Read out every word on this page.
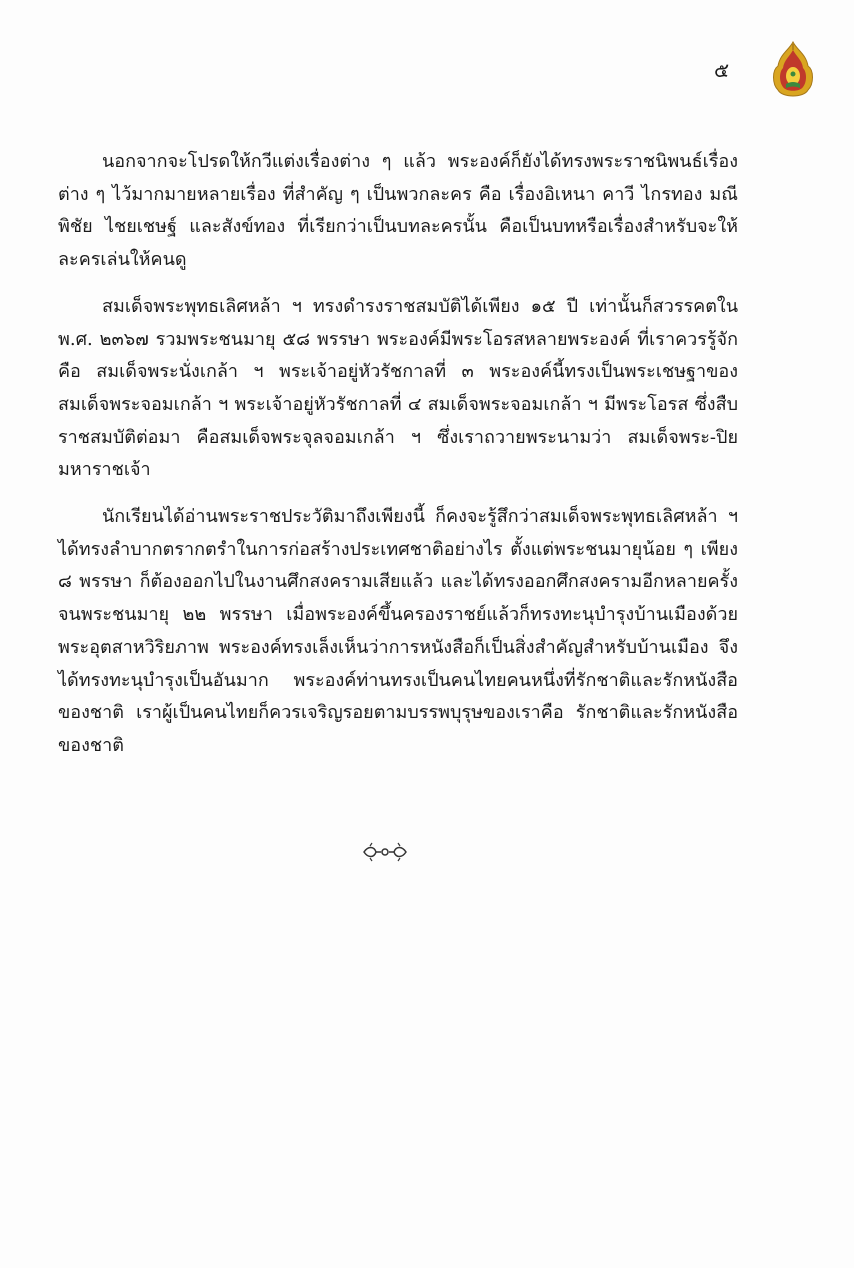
๕

นอกจากจะโปรดให้กวีแต่งเรื่องต่าง ๆ แล้ว พระองค์ก็ยังได้ทรงพระราชนิพนธ์เรื่องต่าง ๆ ไว้มากมายหลายเรื่อง ที่สำคัญ ๆ เป็นพวกละคร คือ เรื่องอิเหนา คาวี ไกรทอง มณีพิชัย ไชยเชษฐ์ และสังข์ทอง ที่เรียกว่าเป็นบทละครนั้น คือเป็นบทหรือเรื่องสำหรับจะให้ละครเล่นให้คนดู

สมเด็จพระพุทธเลิศหล้า ฯ ทรงดำรงราชสมบัติได้เพียง ๑๕ ปี เท่านั้นก็สวรรคตใน พ.ศ. ๒๓๖๗ รวมพระชนมายุ ๕๘ พรรษา พระองค์มีพระโอรสหลายพระองค์ ที่เราควรรู้จัก คือ สมเด็จพระนั่งเกล้า ฯ พระเจ้าอยู่หัวรัชกาลที่ ๓ พระองค์นี้ทรงเป็นพระเชษฐาของสมเด็จพระจอมเกล้า ฯ พระเจ้าอยู่หัวรัชกาลที่ ๔ สมเด็จพระจอมเกล้า ฯ มีพระโอรส ซึ่งสืบราชสมบัติต่อมา คือสมเด็จพระจุลจอมเกล้า ฯ ซึ่งเราถวายพระนามว่า สมเด็จพระ-ปิยมหาราชเจ้า

นักเรียนได้อ่านพระราชประวัติมาถึงเพียงนี้ ก็คงจะรู้สึกว่าสมเด็จพระพุทธเลิศหล้า ฯ ได้ทรงลำบากตรากตรำในการก่อสร้างประเทศชาติอย่างไร ตั้งแต่พระชนมายุน้อย ๆ เพียง ๘ พรรษา ก็ต้องออกไปในงานศึกสงครามเสียแล้ว และได้ทรงออกศึกสงครามอีกหลายครั้ง จนพระชนมายุ ๒๒ พรรษา เมื่อพระองค์ขึ้นครองราชย์แล้วก็ทรงทะนุบำรุงบ้านเมืองด้วยพระอุตสาหวิริยภาพ พระองค์ทรงเล็งเห็นว่าการหนังสือก็เป็นสิ่งสำคัญสำหรับบ้านเมือง จึงได้ทรงทะนุบำรุงเป็นอันมาก พระองค์ท่านทรงเป็นคนไทยคนหนึ่งที่รักชาติและรักหนังสือของชาติ เราผู้เป็นคนไทยก็ควรเจริญรอยตามบรรพบุรุษของเราคือ รักชาติและรักหนังสือของชาติ
